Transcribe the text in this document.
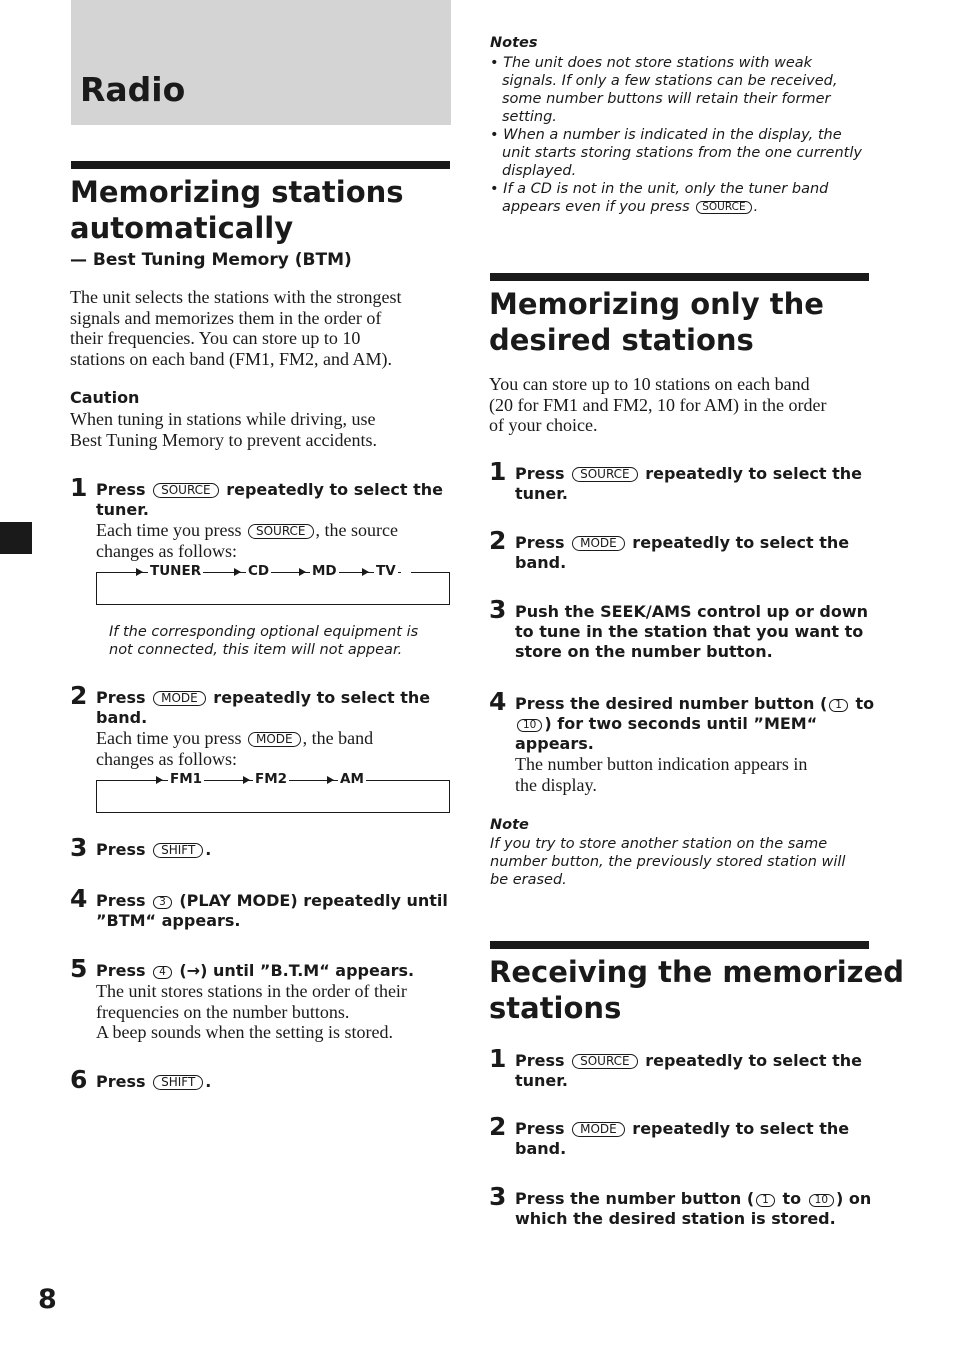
Radio
Memorizing stations
automatically
— Best Tuning Memory (BTM)
The unit selects the stations with the strongest
signals and memorizes them in the order of
their frequencies. You can store up to 10
stations on each band (FM1, FM2, and AM).
Caution
When tuning in stations while driving, use
Best Tuning Memory to prevent accidents.
1 Press SOURCE repeatedly to select the
tuner.
Each time you press SOURCE , the source
changes as follows:
TUNER	CD	MD	TV
If the corresponding optional equipment is
not connected, this item will not appear.
2 Press MODE repeatedly to select the
band.
Each time you press MODE , the band
changes as follows:
FM1	FM2	AM
3 Press SHIFT .
4 Press 3 (PLAY MODE) repeatedly until
”BTM“ appears.
5 Press 4 (→) until ”B.T.M“ appears.
The unit stores stations in the order of their
frequencies on the number buttons.
A beep sounds when the setting is stored.
6 Press SHIFT .
8
Notes
• The unit does not store stations with weak
signals. If only a few stations can be received,
some number buttons will retain their former
setting.
• When a number is indicated in the display, the
unit starts storing stations from the one currently
displayed.
• If a CD is not in the unit, only the tuner band
appears even if you press SOURCE .
Memorizing only the
desired stations
You can store up to 10 stations on each band
(20 for FM1 and FM2, 10 for AM) in the order
of your choice.
1 Press SOURCE repeatedly to select the
tuner.
2 Press MODE repeatedly to select the
band.
3 Push the SEEK/AMS control up or down
to tune in the station that you want to
store on the number button.
4 Press the desired number button ( 1 to
10 ) for two seconds until ”MEM“
appears.
The number button indication appears in
the display.
Note
If you try to store another station on the same
number button, the previously stored station will
be erased.
Receiving the memorized
stations
1 Press SOURCE repeatedly to select the
tuner.
2 Press MODE repeatedly to select the
band.
3 Press the number button ( 1 to 10 ) on
which the desired station is stored.
